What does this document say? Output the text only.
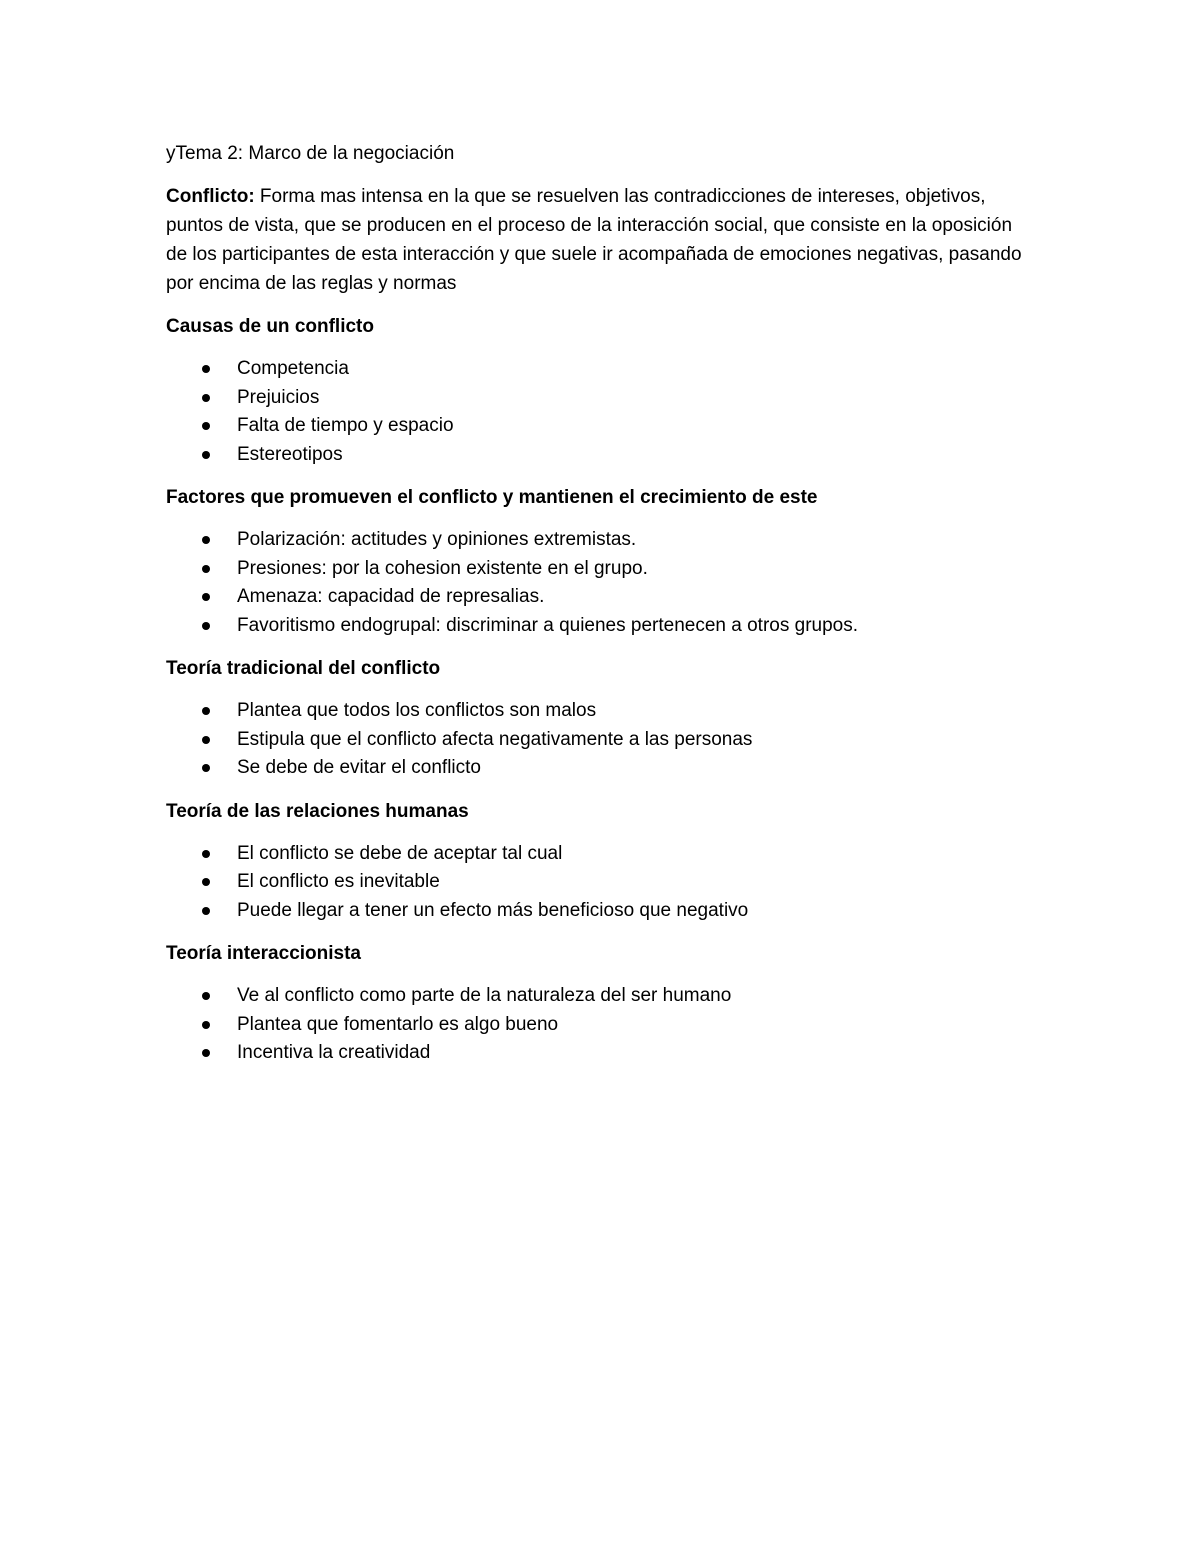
yTema 2: Marco de la negociación

Conflicto: Forma mas intensa en la que se resuelven las contradicciones de intereses, objetivos, puntos de vista, que se producen en el proceso de la interacción social, que consiste en la oposición de los participantes de esta interacción y que suele ir acompañada de emociones negativas, pasando por encima de las reglas y normas

Causas de un conflicto
Competencia
Prejuicios
Falta de tiempo y espacio
Estereotipos
Factores que promueven el conflicto y mantienen el crecimiento de este
Polarización: actitudes y opiniones extremistas.
Presiones: por la cohesion existente en el grupo.
Amenaza: capacidad de represalias.
Favoritismo endogrupal: discriminar a quienes pertenecen a otros grupos.
Teoría tradicional del conflicto
Plantea que todos los conflictos son malos
Estipula que el conflicto afecta negativamente a las personas
Se debe de evitar el conflicto
Teoría de las relaciones humanas
El conflicto se debe de aceptar tal cual
El conflicto es inevitable
Puede llegar a tener un efecto más beneficioso que negativo
Teoría interaccionista
Ve al conflicto como parte de la naturaleza del ser humano
Plantea que fomentarlo es algo bueno
Incentiva la creatividad
